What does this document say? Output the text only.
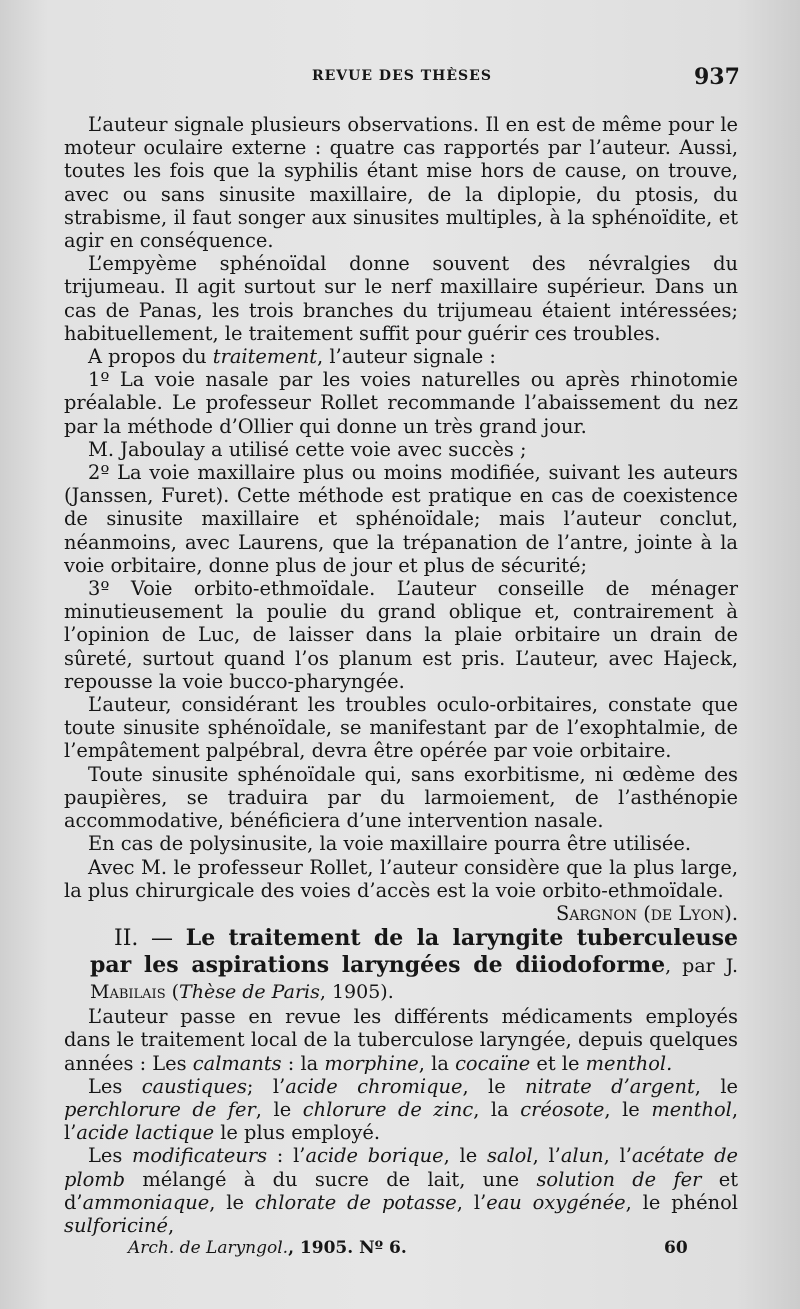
REVUE DES THÈSES	937

L’auteur signale plusieurs observations. Il en est de même pour le moteur oculaire externe : quatre cas rapportés par l’auteur. Aussi, toutes les fois que la syphilis étant mise hors de cause, on trouve, avec ou sans sinusite maxillaire, de la diplopie, du ptosis, du strabisme, il faut songer aux sinusites multiples, à la sphénoïdite, et agir en conséquence.

L’empyème sphénoïdal donne souvent des névralgies du trijumeau. Il agit surtout sur le nerf maxillaire supérieur. Dans un cas de Panas, les trois branches du trijumeau étaient intéressées; habituellement, le traitement suffit pour guérir ces troubles.

A propos du traitement, l’auteur signale :

1º La voie nasale par les voies naturelles ou après rhinotomie préalable. Le professeur Rollet recommande l’abaissement du nez par la méthode d’Ollier qui donne un très grand jour.

M. Jaboulay a utilisé cette voie avec succès ;

2º La voie maxillaire plus ou moins modifiée, suivant les auteurs (Janssen, Furet). Cette méthode est pratique en cas de coexistence de sinusite maxillaire et sphénoïdale; mais l’auteur conclut, néanmoins, avec Laurens, que la trépanation de l’antre, jointe à la voie orbitaire, donne plus de jour et plus de sécurité;

3º Voie orbito-ethmoïdale. L’auteur conseille de ménager minutieusement la poulie du grand oblique et, contrairement à l’opinion de Luc, de laisser dans la plaie orbitaire un drain de sûreté, surtout quand l’os planum est pris. L’auteur, avec Hajeck, repousse la voie bucco-pharyngée.

L’auteur, considérant les troubles oculo-orbitaires, constate que toute sinusite sphénoïdale, se manifestant par de l’exophtalmie, de l’empâtement palpébral, devra être opérée par voie orbitaire.

Toute sinusite sphénoïdale qui, sans exorbitisme, ni œdème des paupières, se traduira par du larmoiement, de l’asthénopie accommodative, bénéficiera d’une intervention nasale.

En cas de polysinusite, la voie maxillaire pourra être utilisée.

Avec M. le professeur Rollet, l’auteur considère que la plus large, la plus chirurgicale des voies d’accès est la voie orbito-ethmoïdale.

Sargnon (de Lyon).

II. — Le traitement de la laryngite tuberculeuse par les aspirations laryngées de diiodoforme, par J. Mabilais (Thèse de Paris, 1905).

L’auteur passe en revue les différents médicaments employés dans le traitement local de la tuberculose laryngée, depuis quelques années : Les calmants : la morphine, la cocaïne et le menthol.

Les caustiques; l’acide chromique, le nitrate d’argent, le perchlorure de fer, le chlorure de zinc, la créosote, le menthol, l’acide lactique le plus employé.

Les modificateurs : l’acide borique, le salol, l’alun, l’acétate de plomb mélangé à du sucre de lait, une solution de fer et d’ammoniaque, le chlorate de potasse, l’eau oxygénée, le phénol sulforiciné,

Arch. de Laryngol., 1905. Nº 6.	60
